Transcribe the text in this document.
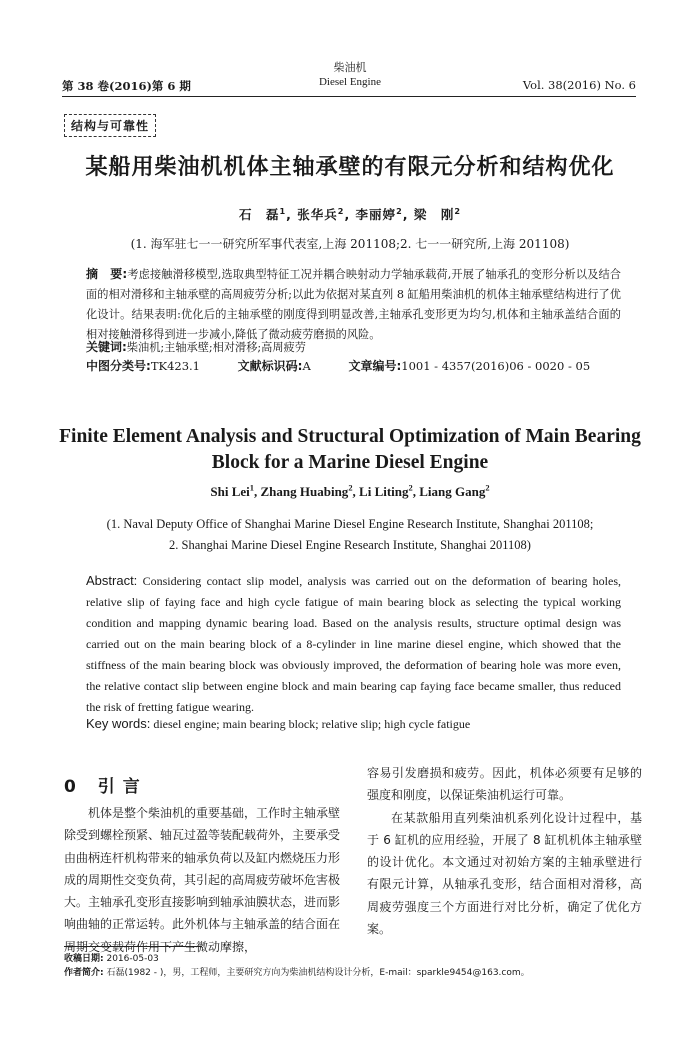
第 38 卷(2016)第 6 期
柴油机
Diesel Engine	Vol. 38(2016) No. 6
结构与可靠性
某船用柴油机机体主轴承壁的有限元分析和结构优化
石　磊$^1$, 张华兵$^2$, 李丽婷$^2$, 梁　刚$^2$
(1. 海军驻七一一研究所军事代表室,上海 201108;2. 七一一研究所,上海 201108)
摘　要:考虑接触滑移模型,选取典型特征工况并耦合映射动力学轴承载荷,开展了轴承孔的变形分析以及结合面的相对滑移和主轴承壁的高周疲劳分析;以此为依据对某直列 8 缸船用柴油机的机体主轴承壁结构进行了优化设计。结果表明:优化后的主轴承壁的刚度得到明显改善,主轴承孔变形更为均匀,机体和主轴承盖结合面的相对接触滑移得到进一步减小,降低了微动疲劳磨损的风险。
关键词:柴油机;主轴承壁;相对滑移;高周疲劳
中图分类号:TK423.1	文献标识码:A	文章编号:1001 - 4357(2016)06 - 0020 - 05
Finite Element Analysis and Structural Optimization of Main Bearing Block for a Marine Diesel Engine
Shi Lei$^1$, Zhang Huabing$^2$, Li Liting$^2$, Liang Gang$^2$
(1. Naval Deputy Office of Shanghai Marine Diesel Engine Research Institute, Shanghai 201108;
2. Shanghai Marine Diesel Engine Research Institute, Shanghai 201108)
Abstract: Considering contact slip model, analysis was carried out on the deformation of bearing holes, relative slip of faying face and high cycle fatigue of main bearing block as selecting the typical working condition and mapping dynamic bearing load. Based on the analysis results, structure optimal design was carried out on the main bearing block of a 8-cylinder in line marine diesel engine, which showed that the stiffness of the main bearing block was obviously improved, the deformation of bearing hole was more even, the relative contact slip between engine block and main bearing cap faying face became smaller, thus reduced the risk of fretting fatigue wearing.
Key words: diesel engine; main bearing block; relative slip; high cycle fatigue
0 引言

机体是整个柴油机的重要基础，工作时主轴承壁除受到螺栓预紧、轴瓦过盈等装配载荷外，主要承受由曲柄连杆机构带来的轴承负荷以及缸内燃烧压力形成的周期性交变负荷，其引起的高周疲劳破坏危害极大。主轴承孔变形直接影响到轴承油膜状态，进而影响曲轴的正常运转。此外机体与主轴承盖的结合面在周期交变载荷作用下产生微动摩擦，

容易引发磨损和疲劳。因此，机体必须要有足够的强度和刚度，以保证柴油机运行可靠。

在某款船用直列柴油机系列化设计过程中，基于 6 缸机的应用经验，开展了 8 缸机机体主轴承壁的设计优化。本文通过对初始方案的主轴承壁进行有限元计算，从轴承孔变形，结合面相对滑移，高周疲劳强度三个方面进行对比分析，确定了优化方案。

收稿日期: 2016-05-03
作者简介: 石磊(1982 - )，男，工程师，主要研究方向为柴油机结构设计分析，E-mail：sparkle9454@163.com。
